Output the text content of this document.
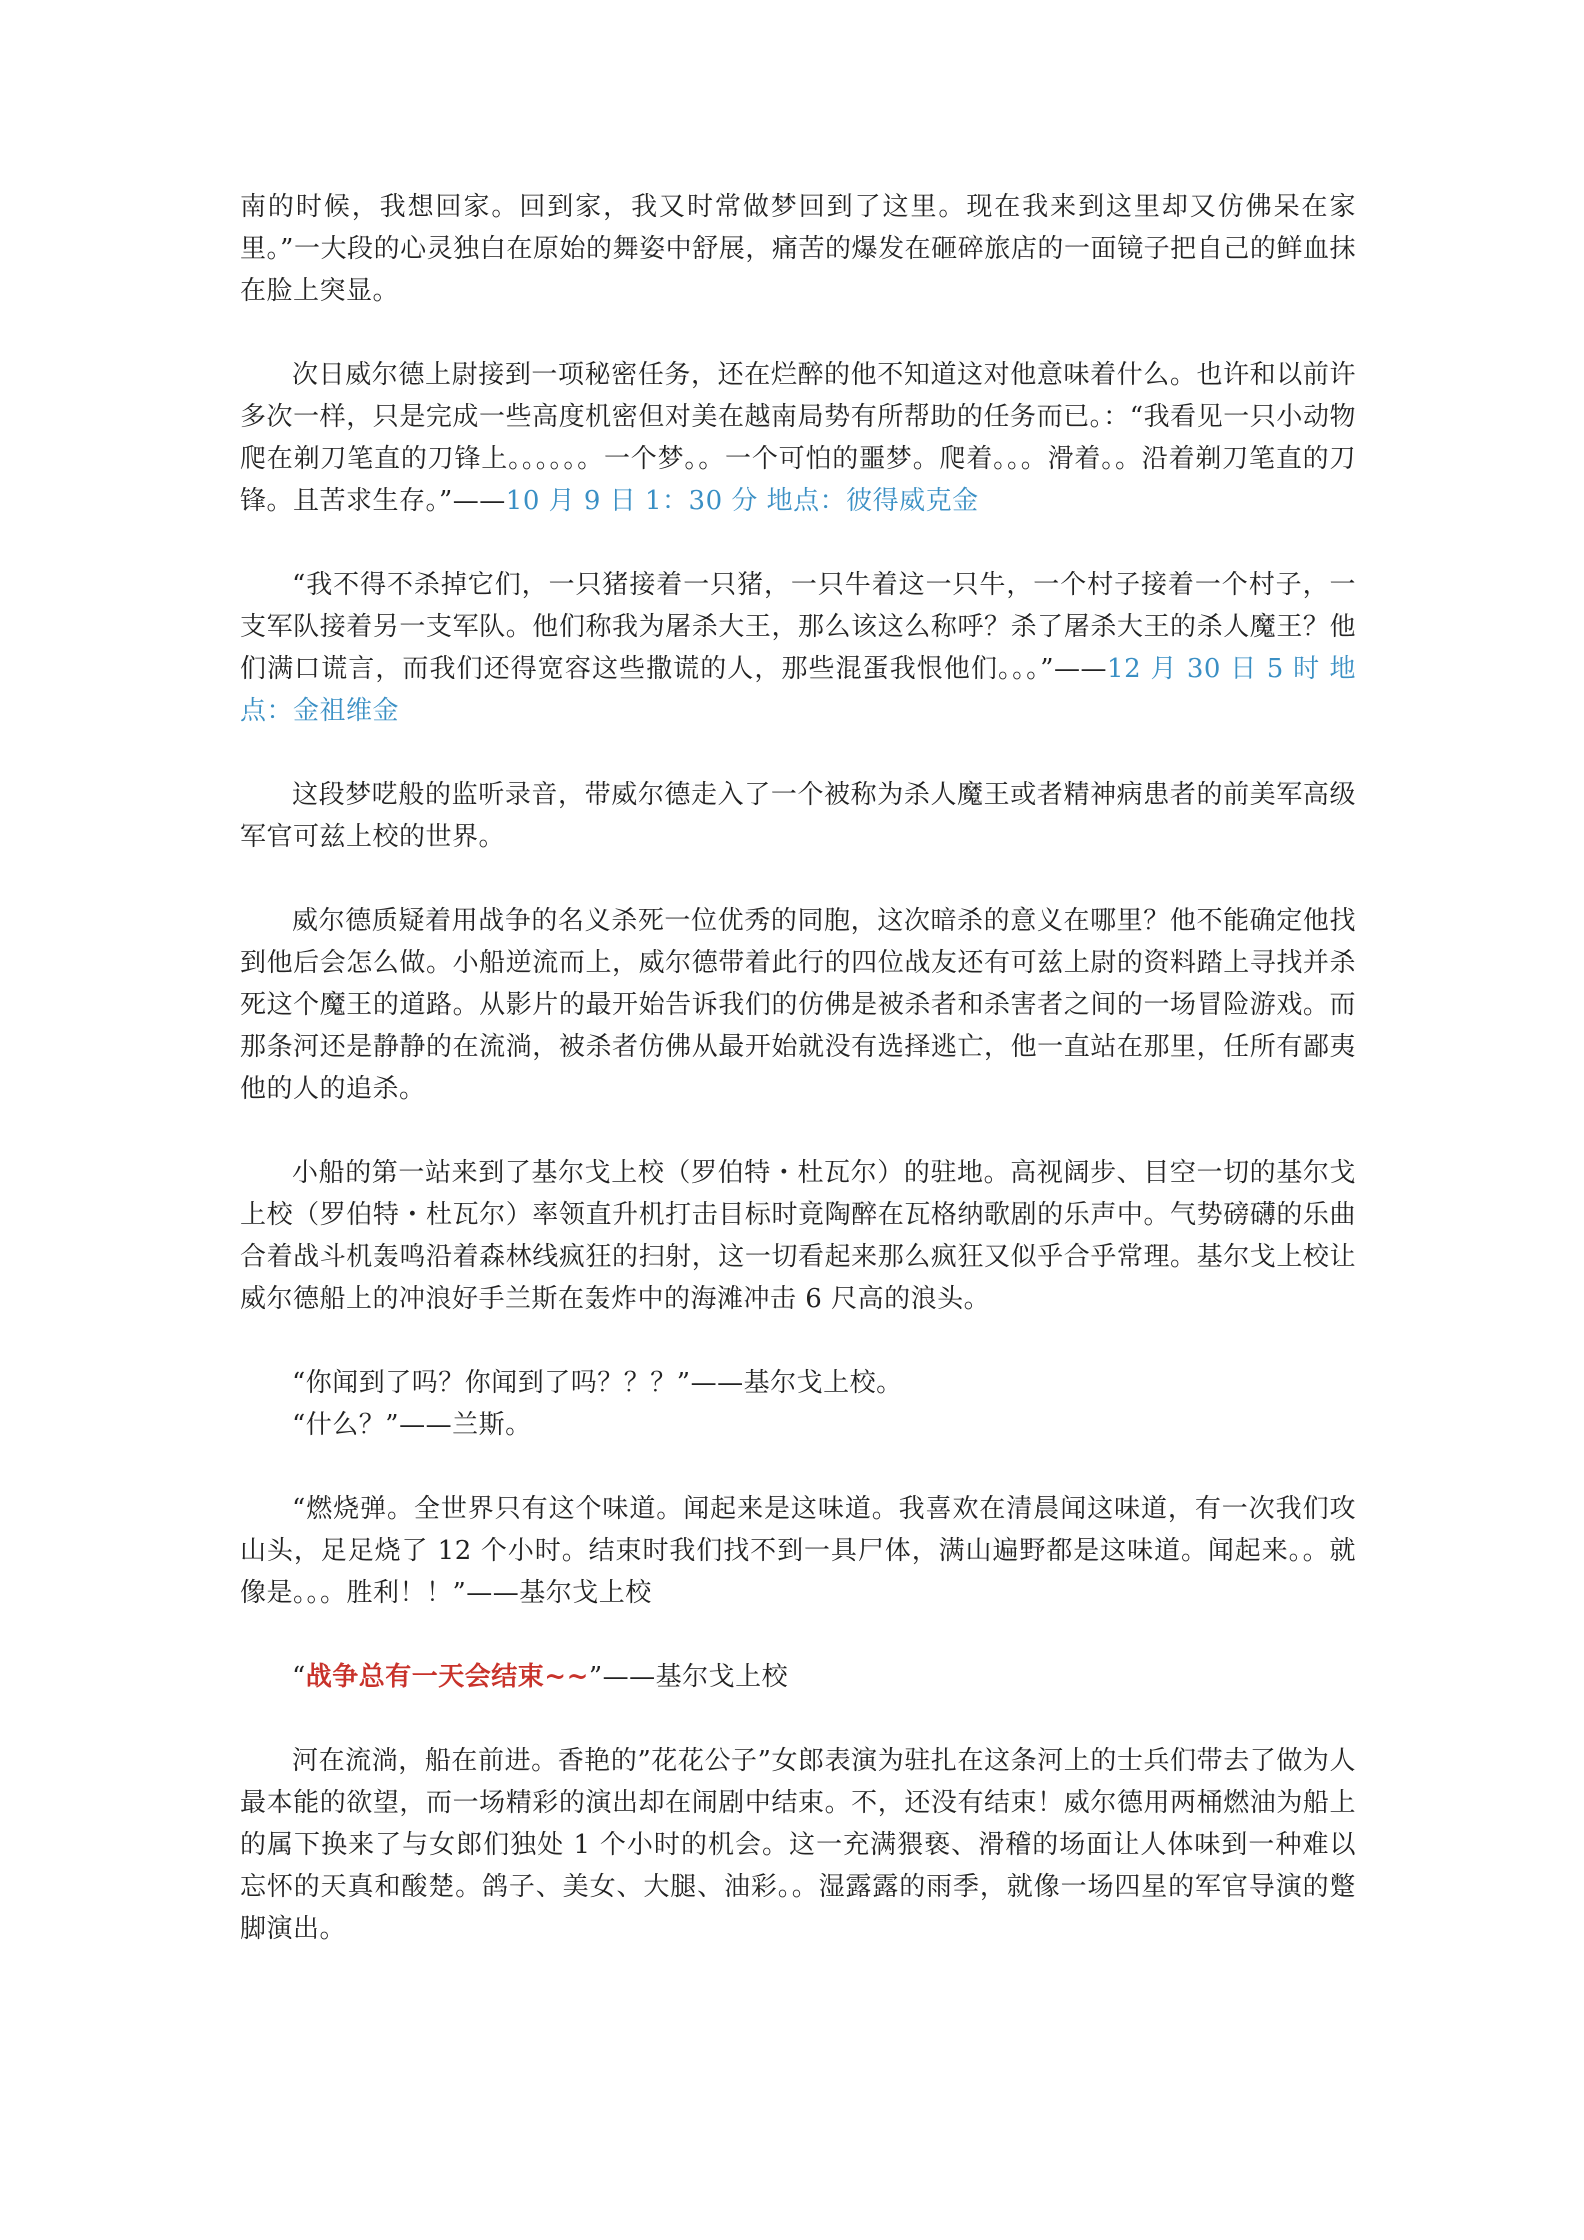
南的时候，我想回家。回到家，我又时常做梦回到了这里。现在我来到这里却又仿佛呆在家里。”一大段的心灵独白在原始的舞姿中舒展，痛苦的爆发在砸碎旅店的一面镜子把自己的鲜血抹在脸上突显。

次日威尔德上尉接到一项秘密任务，还在烂醉的他不知道这对他意味着什么。也许和以前许多次一样，只是完成一些高度机密但对美在越南局势有所帮助的任务而已。：“我看见一只小动物爬在剃刀笔直的刀锋上。。。。。。一个梦。。一个可怕的噩梦。爬着。。。滑着。。沿着剃刀笔直的刀锋。且苦求生存。”——10 月 9 日 1：30 分 地点：彼得威克金

“我不得不杀掉它们，一只猪接着一只猪，一只牛着这一只牛，一个村子接着一个村子，一支军队接着另一支军队。他们称我为屠杀大王，那么该这么称呼？杀了屠杀大王的杀人魔王？他们满口谎言，而我们还得宽容这些撒谎的人，那些混蛋我恨他们。。。”——12 月 30 日 5 时 地点：金祖维金

这段梦呓般的监听录音，带威尔德走入了一个被称为杀人魔王或者精神病患者的前美军高级军官可兹上校的世界。

威尔德质疑着用战争的名义杀死一位优秀的同胞，这次暗杀的意义在哪里？他不能确定他找到他后会怎么做。小船逆流而上，威尔德带着此行的四位战友还有可兹上尉的资料踏上寻找并杀死这个魔王的道路。从影片的最开始告诉我们的仿佛是被杀者和杀害者之间的一场冒险游戏。而那条河还是静静的在流淌，被杀者仿佛从最开始就没有选择逃亡，他一直站在那里，任所有鄙夷他的人的追杀。

小船的第一站来到了基尔戈上校（罗伯特・杜瓦尔）的驻地。高视阔步、目空一切的基尔戈上校（罗伯特・杜瓦尔）率领直升机打击目标时竟陶醉在瓦格纳歌剧的乐声中。气势磅礴的乐曲合着战斗机轰鸣沿着森林线疯狂的扫射，这一切看起来那么疯狂又似乎合乎常理。基尔戈上校让威尔德船上的冲浪好手兰斯在轰炸中的海滩冲击 6 尺高的浪头。

“你闻到了吗？你闻到了吗？？？”——基尔戈上校。

“什么？”——兰斯。

“燃烧弹。全世界只有这个味道。闻起来是这味道。我喜欢在清晨闻这味道，有一次我们攻山头，足足烧了 12 个小时。结束时我们找不到一具尸体，满山遍野都是这味道。闻起来。。就像是。。。胜利！！”——基尔戈上校

“战争总有一天会结束~~”——基尔戈上校

河在流淌，船在前进。香艳的”花花公子”女郎表演为驻扎在这条河上的士兵们带去了做为人最本能的欲望，而一场精彩的演出却在闹剧中结束。不，还没有结束！威尔德用两桶燃油为船上的属下换来了与女郎们独处 1 个小时的机会。这一充满猥亵、滑稽的场面让人体味到一种难以忘怀的天真和酸楚。鸽子、美女、大腿、油彩。。湿露露的雨季，就像一场四星的军官导演的蹩脚演出。
